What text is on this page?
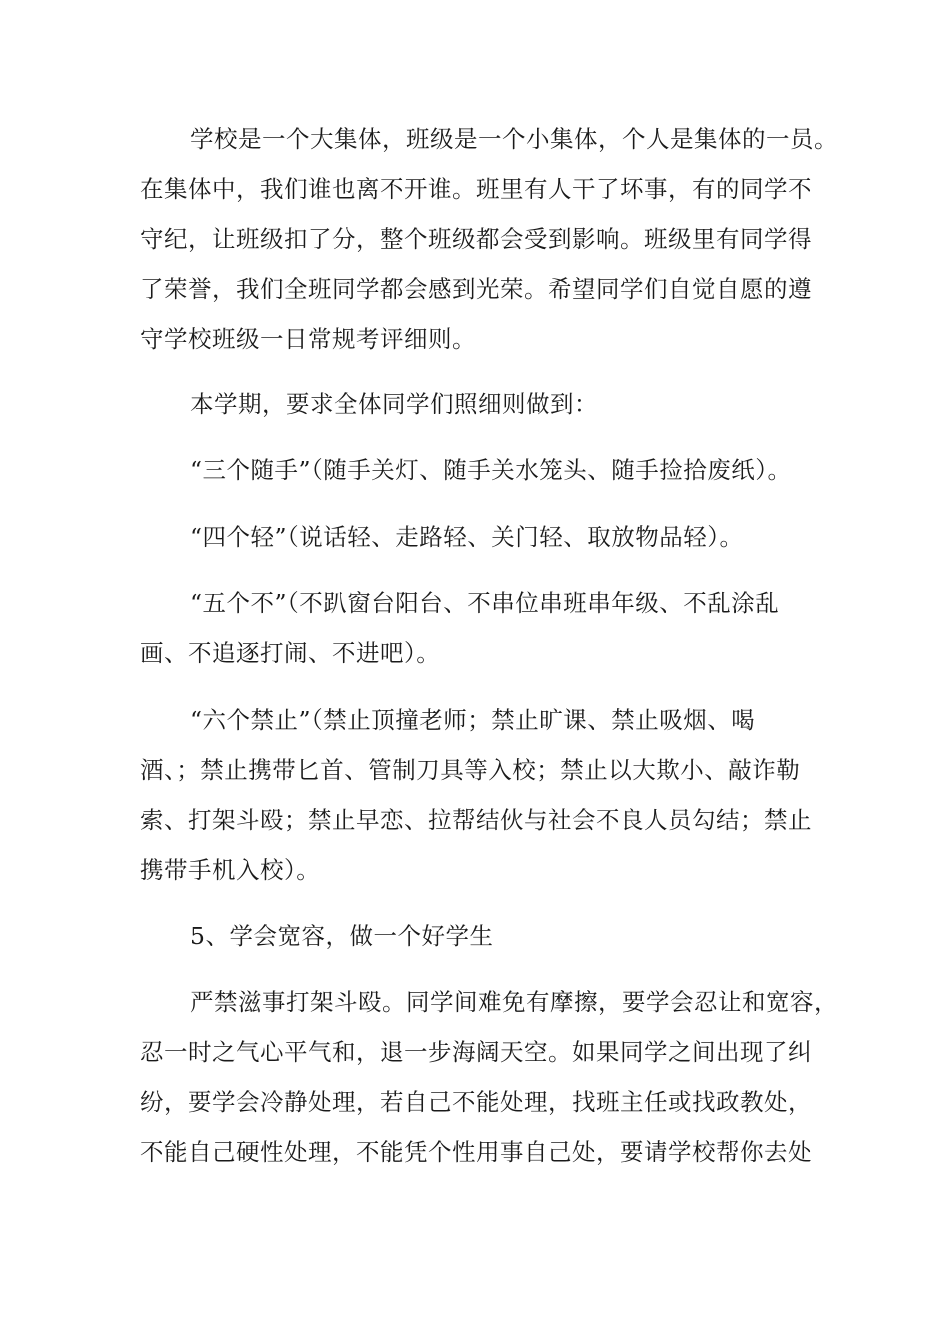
学校是一个大集体，班级是一个小集体，个人是集体的一员。
在集体中，我们谁也离不开谁。班里有人干了坏事，有的同学不
守纪，让班级扣了分，整个班级都会受到影响。班级里有同学得
了荣誉，我们全班同学都会感到光荣。希望同学们自觉自愿的遵
守学校班级一日常规考评细则。
本学期，要求全体同学们照细则做到：
“三个随手”（随手关灯、随手关水笼头、随手捡拾废纸）。
“四个轻”（说话轻、走路轻、关门轻、取放物品轻）。
“五个不”（不趴窗台阳台、不串位串班串年级、不乱涂乱
画、不追逐打闹、不进吧）。
“六个禁止”（禁止顶撞老师；禁止旷课、禁止吸烟、喝
酒、；禁止携带匕首、管制刀具等入校；禁止以大欺小、敲诈勒
索、打架斗殴；禁止早恋、拉帮结伙与社会不良人员勾结；禁止
携带手机入校）。
5、学会宽容，做一个好学生
严禁滋事打架斗殴。同学间难免有摩擦，要学会忍让和宽容，
忍一时之气心平气和，退一步海阔天空。如果同学之间出现了纠
纷，要学会冷静处理，若自己不能处理，找班主任或找政教处，
不能自己硬性处理，不能凭个性用事自己处，要请学校帮你去处
